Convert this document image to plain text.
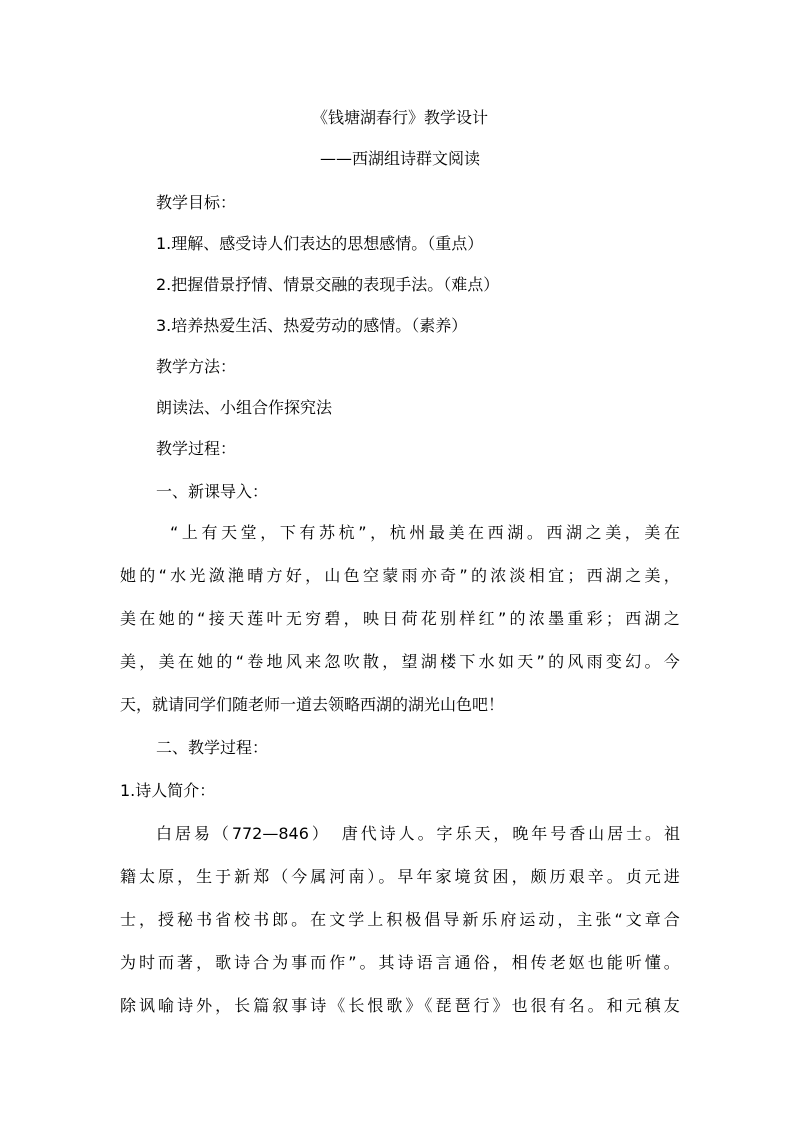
《钱塘湖春行》教学设计
——西湖组诗群文阅读
教学目标：
1.理解、感受诗人们表达的思想感情。（重点）
2.把握借景抒情、情景交融的表现手法。（难点）
3.培养热爱生活、热爱劳动的感情。（素养）
教学方法：
朗读法、小组合作探究法
教学过程：
一、新课导入：
“上有天堂，下有苏杭”，杭州最美在西湖。西湖之美，美在
她的“水光潋滟晴方好，山色空蒙雨亦奇”的浓淡相宜；西湖之美，
美在她的“接天莲叶无穷碧，映日荷花别样红”的浓墨重彩；西湖之
美，美在她的“卷地风来忽吹散，望湖楼下水如天”的风雨变幻。今
天，就请同学们随老师一道去领略西湖的湖光山色吧！
二、教学过程：
1.诗人简介：
白居易（772—846）　唐代诗人。字乐天，晚年号香山居士。祖
籍太原，生于新郑（今属河南）。早年家境贫困，颇历艰辛。贞元进
士，授秘书省校书郎。在文学上积极倡导新乐府运动，主张“文章合
为时而著，歌诗合为事而作”。其诗语言通俗，相传老妪也能听懂。
除讽喻诗外，长篇叙事诗《长恨歌》《琵琶行》也很有名。和元稹友
